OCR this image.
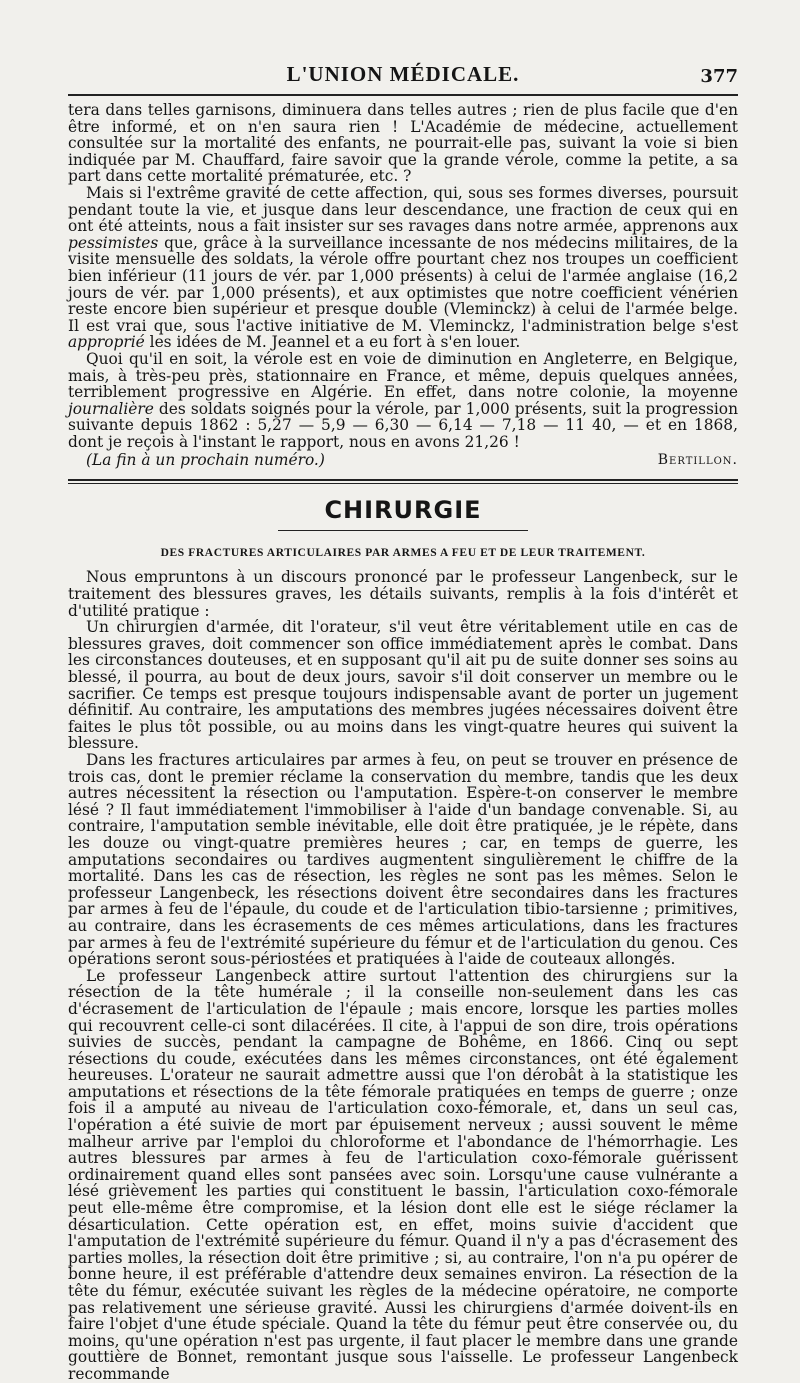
L'UNION MÉDICALE.	377

tera dans telles garnisons, diminuera dans telles autres ; rien de plus facile que d'en être informé, et on n'en saura rien ! L'Académie de médecine, actuellement consultée sur la mortalité des enfants, ne pourrait-elle pas, suivant la voie si bien indiquée par M. Chauffard, faire savoir que la grande vérole, comme la petite, a sa part dans cette mortalité prématurée, etc. ?

Mais si l'extrême gravité de cette affection, qui, sous ses formes diverses, poursuit pendant toute la vie, et jusque dans leur descendance, une fraction de ceux qui en ont été atteints, nous a fait insister sur ses ravages dans notre armée, apprenons aux pessimistes que, grâce à la surveillance incessante de nos médecins militaires, de la visite mensuelle des soldats, la vérole offre pourtant chez nos troupes un coefficient bien inférieur (11 jours de vér. par 1,000 présents) à celui de l'armée anglaise (16,2 jours de vér. par 1,000 présents), et aux optimistes que notre coefficient vénérien reste encore bien supérieur et presque double (Vleminckz) à celui de l'armée belge. Il est vrai que, sous l'active initiative de M. Vleminckz, l'administration belge s'est approprié les idées de M. Jeannel et a eu fort à s'en louer.

Quoi qu'il en soit, la vérole est en voie de diminution en Angleterre, en Belgique, mais, à très-peu près, stationnaire en France, et même, depuis quelques années, terriblement progressive en Algérie. En effet, dans notre colonie, la moyenne journalière des soldats soignés pour la vérole, par 1,000 présents, suit la progression suivante depuis 1862 : 5,27 — 5,9 — 6,30 — 6,14 — 7,18 — 11 40, — et en 1868, dont je reçois à l'instant le rapport, nous en avons 21,26 !

(La fin à un prochain numéro.)	Bertillon.
CHIRURGIE
DES FRACTURES ARTICULAIRES PAR ARMES A FEU ET DE LEUR TRAITEMENT.

Nous empruntons à un discours prononcé par le professeur Langenbeck, sur le traitement des blessures graves, les détails suivants, remplis à la fois d'intérêt et d'utilité pratique :

Un chirurgien d'armée, dit l'orateur, s'il veut être véritablement utile en cas de blessures graves, doit commencer son office immédiatement après le combat. Dans les circonstances douteuses, et en supposant qu'il ait pu de suite donner ses soins au blessé, il pourra, au bout de deux jours, savoir s'il doit conserver un membre ou le sacrifier. Ce temps est presque toujours indispensable avant de porter un jugement définitif. Au contraire, les amputations des membres jugées nécessaires doivent être faites le plus tôt possible, ou au moins dans les vingt-quatre heures qui suivent la blessure.

Dans les fractures articulaires par armes à feu, on peut se trouver en présence de trois cas, dont le premier réclame la conservation du membre, tandis que les deux autres nécessitent la résection ou l'amputation. Espère-t-on conserver le membre lésé ? Il faut immédiatement l'immobiliser à l'aide d'un bandage convenable. Si, au contraire, l'amputation semble inévitable, elle doit être pratiquée, je le répète, dans les douze ou vingt-quatre premières heures ; car, en temps de guerre, les amputations secondaires ou tardives augmentent singulièrement le chiffre de la mortalité. Dans les cas de résection, les règles ne sont pas les mêmes. Selon le professeur Langenbeck, les résections doivent être secondaires dans les fractures par armes à feu de l'épaule, du coude et de l'articulation tibio-tarsienne ; primitives, au contraire, dans les écrasements de ces mêmes articulations, dans les fractures par armes à feu de l'extrémité supérieure du fémur et de l'articulation du genou. Ces opérations seront sous-périostées et pratiquées à l'aide de couteaux allongés.

Le professeur Langenbeck attire surtout l'attention des chirurgiens sur la résection de la tête humérale ; il la conseille non-seulement dans les cas d'écrasement de l'articulation de l'épaule ; mais encore, lorsque les parties molles qui recouvrent celle-ci sont dilacérées. Il cite, à l'appui de son dire, trois opérations suivies de succès, pendant la campagne de Bohême, en 1866. Cinq ou sept résections du coude, exécutées dans les mêmes circonstances, ont été également heureuses. L'orateur ne saurait admettre aussi que l'on dérobât à la statistique les amputations et résections de la tête fémorale pratiquées en temps de guerre ; onze fois il a amputé au niveau de l'articulation coxo-fémorale, et, dans un seul cas, l'opération a été suivie de mort par épuisement nerveux ; aussi souvent le même malheur arrive par l'emploi du chloroforme et l'abondance de l'hémorrhagie. Les autres blessures par armes à feu de l'articulation coxo-fémorale guérissent ordinairement quand elles sont pansées avec soin. Lorsqu'une cause vulnérante a lésé grièvement les parties qui constituent le bassin, l'articulation coxo-fémorale peut elle-même être compromise, et la lésion dont elle est le siége réclamer la désarticulation. Cette opération est, en effet, moins suivie d'accident que l'amputation de l'extrémité supérieure du fémur. Quand il n'y a pas d'écrasement des parties molles, la résection doit être primitive ; si, au contraire, l'on n'a pu opérer de bonne heure, il est préférable d'attendre deux semaines environ. La résection de la tête du fémur, exécutée suivant les règles de la médecine opératoire, ne comporte pas relativement une sérieuse gravité. Aussi les chirurgiens d'armée doivent-ils en faire l'objet d'une étude spéciale. Quand la tête du fémur peut être conservée ou, du moins, qu'une opération n'est pas urgente, il faut placer le membre dans une grande gouttière de Bonnet, remontant jusque sous l'aisselle. Le professeur Langenbeck recommande
